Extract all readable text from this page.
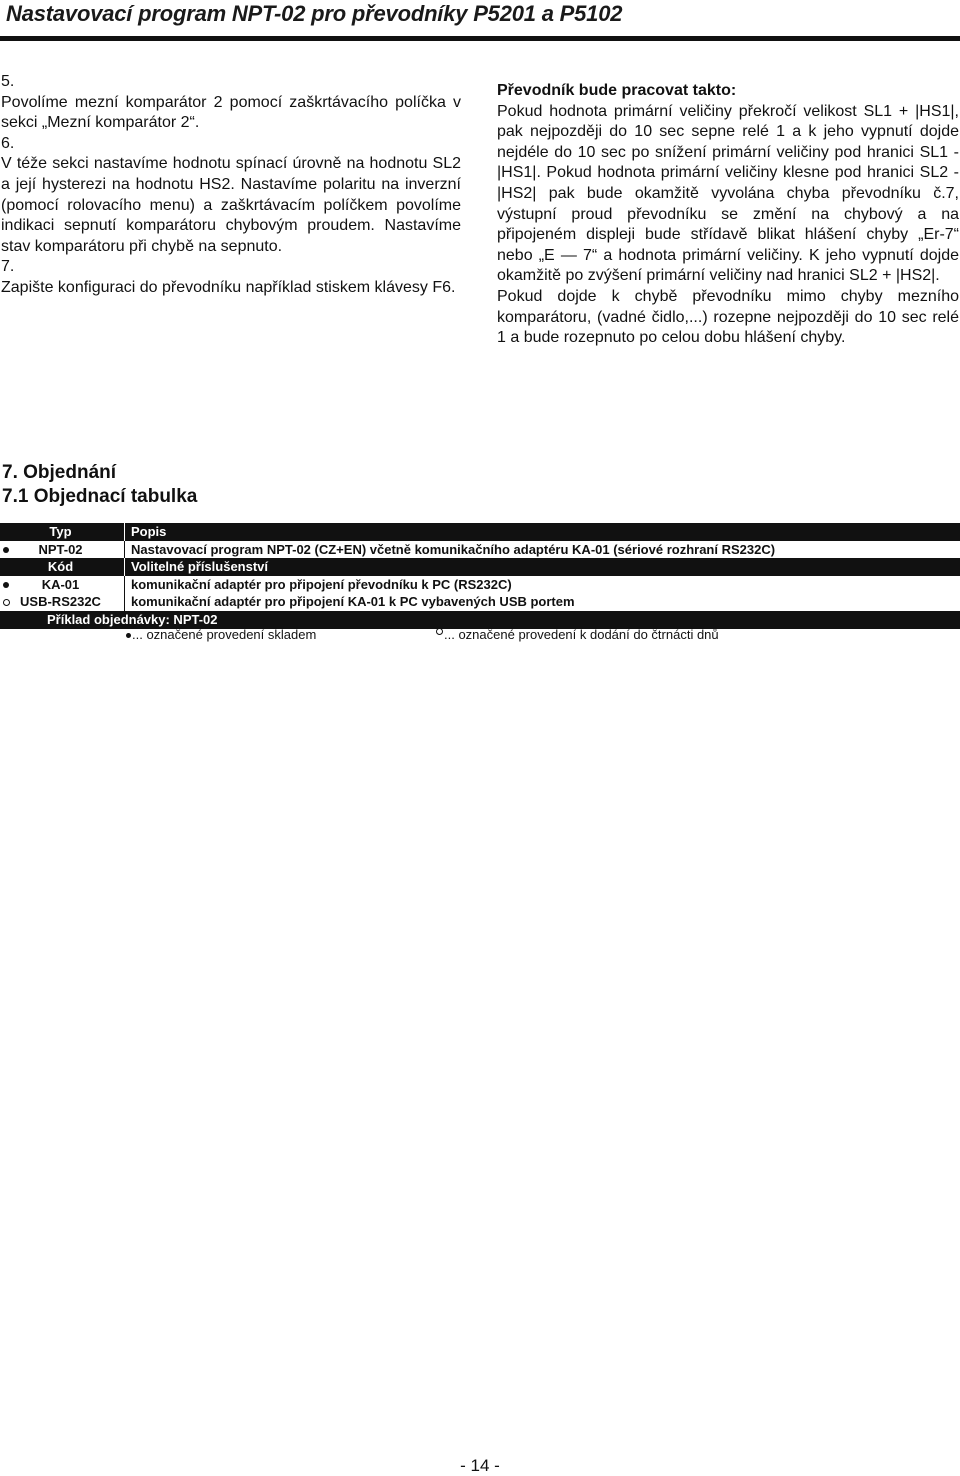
Nastavovací program NPT-02 pro převodníky P5201 a P5102
5.
Povolíme mezní komparátor 2 pomocí zaškrtávacího políčka v sekci „Mezní komparátor 2“.
6.
V téže sekci nastavíme hodnotu spínací úrovně na hodnotu SL2 a její hysterezi na hodnotu HS2. Nastavíme polaritu na inverzní (pomocí rolovacího menu) a zaškrtávacím políčkem povolíme indikaci sepnutí komparátoru chybovým proudem. Nastavíme stav komparátoru při chybě na sepnuto.
7.
Zapište konfiguraci do převodníku například stiskem klávesy F6.
Převodník bude pracovat takto:
Pokud hodnota primární veličiny překročí velikost SL1 + |HS1|, pak nejpozději do 10 sec sepne relé 1 a k jeho vypnutí dojde nejdéle do 10 sec po snížení primární veličiny pod hranici SL1 - |HS1|. Pokud hodnota primární veličiny klesne pod hranici SL2 - |HS2| pak bude okamžitě vyvolána chyba převodníku č.7, výstupní proud převodníku se změní na chybový a na připojeném displeji bude střídavě blikat hlášení chyby „Er-7“ nebo „E — 7“ a hodnota primární veličiny. K jeho vypnutí dojde okamžitě po zvýšení primární veličiny nad hranici SL2 + |HS2|.
Pokud dojde k chybě převodníku mimo chyby mezního komparátoru, (vadné čidlo,...) rozepne nejpozději do 10 sec relé 1 a bude rozepnuto po celou dobu hlášení chyby.
7. Objednání
7.1 Objednací tabulka
Typ	Popis
NPT-02	Nastavovací program NPT-02 (CZ+EN) včetně komunikačního adaptéru KA-01 (sériové rozhraní RS232C)
Kód	Volitelné příslušenství
KA-01	komunikační adaptér pro připojení převodníku k PC (RS232C)
USB-RS232C	komunikační adaptér pro připojení KA-01 k PC vybavených USB portem
Příklad objednávky: NPT-02
... označené provedení skladem	... označené provedení k dodání do čtrnácti dnů
- 14 -
